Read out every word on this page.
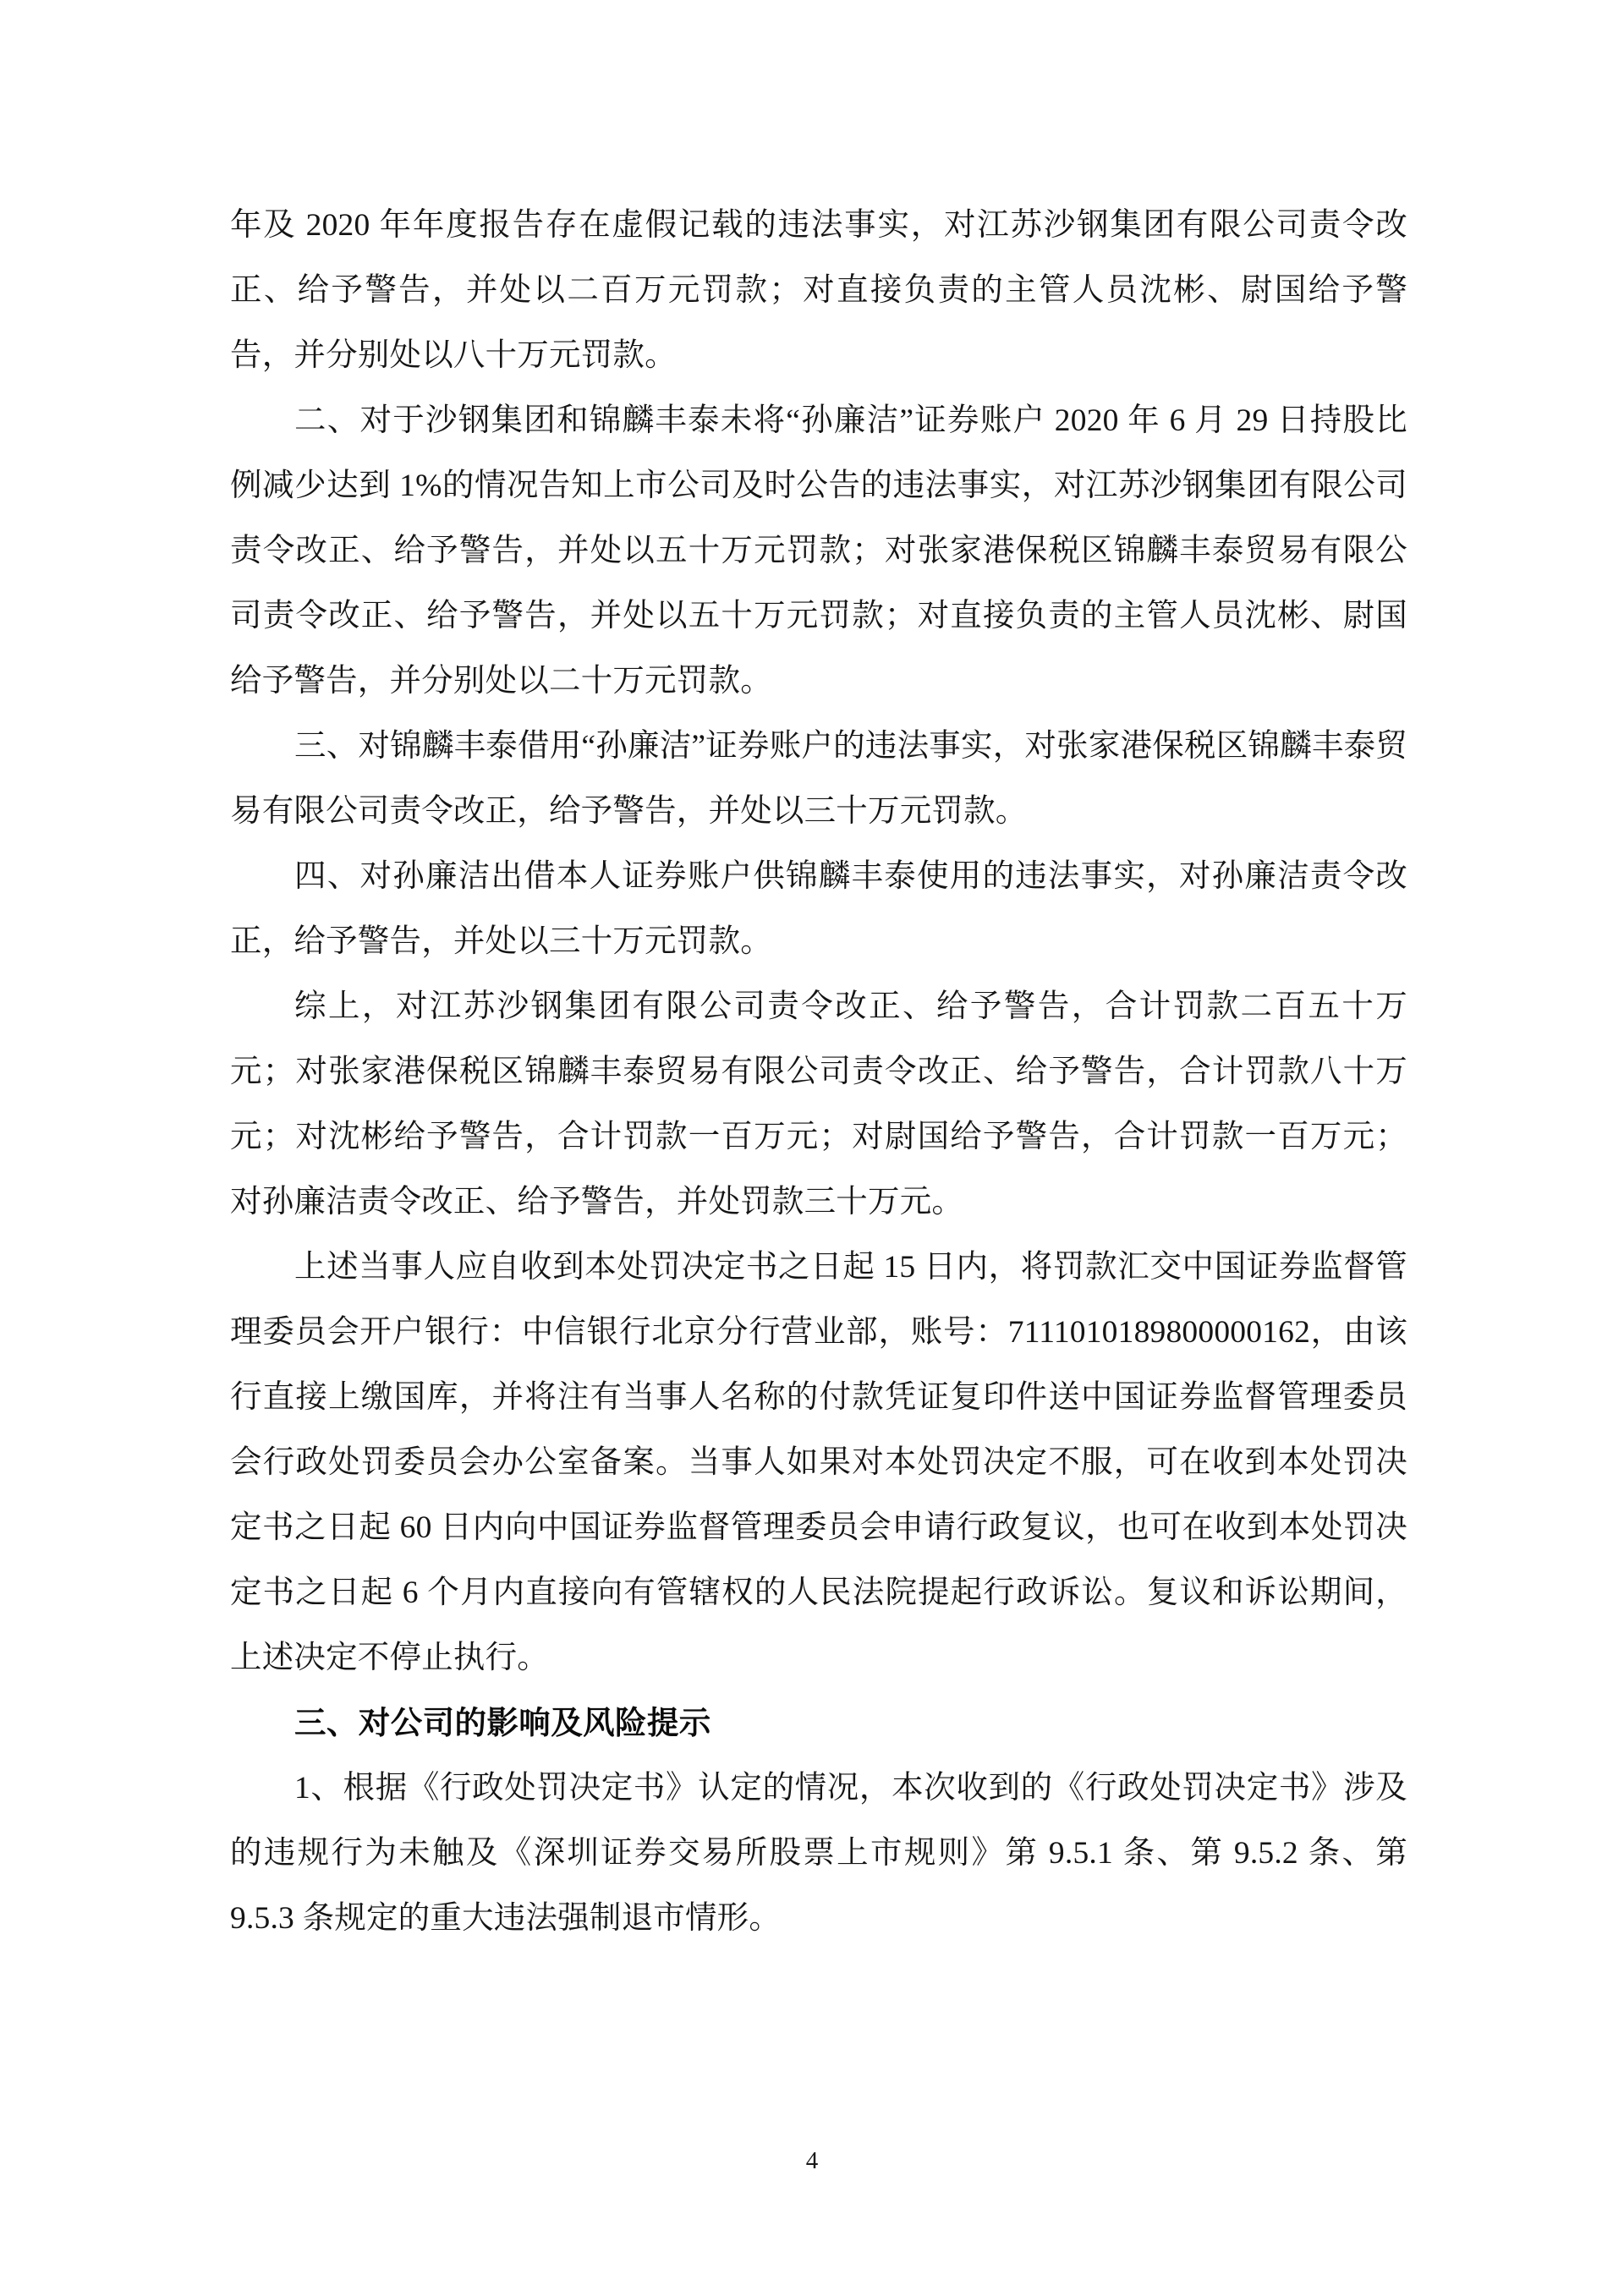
年及 2020 年年度报告存在虚假记载的违法事实，对江苏沙钢集团有限公司责令改正、给予警告，并处以二百万元罚款；对直接负责的主管人员沈彬、尉国给予警告，并分别处以八十万元罚款。

二、对于沙钢集团和锦麟丰泰未将“孙廉洁”证券账户 2020 年 6 月 29 日持股比例减少达到 1%的情况告知上市公司及时公告的违法事实，对江苏沙钢集团有限公司责令改正、给予警告，并处以五十万元罚款；对张家港保税区锦麟丰泰贸易有限公司责令改正、给予警告，并处以五十万元罚款；对直接负责的主管人员沈彬、尉国给予警告，并分别处以二十万元罚款。

三、对锦麟丰泰借用“孙廉洁”证券账户的违法事实，对张家港保税区锦麟丰泰贸易有限公司责令改正，给予警告，并处以三十万元罚款。

四、对孙廉洁出借本人证券账户供锦麟丰泰使用的违法事实，对孙廉洁责令改正，给予警告，并处以三十万元罚款。

综上，对江苏沙钢集团有限公司责令改正、给予警告，合计罚款二百五十万元；对张家港保税区锦麟丰泰贸易有限公司责令改正、给予警告，合计罚款八十万元；对沈彬给予警告，合计罚款一百万元；对尉国给予警告，合计罚款一百万元；对孙廉洁责令改正、给予警告，并处罚款三十万元。

上述当事人应自收到本处罚决定书之日起 15 日内，将罚款汇交中国证券监督管理委员会开户银行：中信银行北京分行营业部，账号：7111010189800000162，由该行直接上缴国库，并将注有当事人名称的付款凭证复印件送中国证券监督管理委员会行政处罚委员会办公室备案。当事人如果对本处罚决定不服，可在收到本处罚决定书之日起 60 日内向中国证券监督管理委员会申请行政复议，也可在收到本处罚决定书之日起 6 个月内直接向有管辖权的人民法院提起行政诉讼。复议和诉讼期间，上述决定不停止执行。

三、对公司的影响及风险提示

1、根据《行政处罚决定书》认定的情况，本次收到的《行政处罚决定书》涉及的违规行为未触及《深圳证券交易所股票上市规则》第 9.5.1 条、第 9.5.2 条、第 9.5.3 条规定的重大违法强制退市情形。

4
